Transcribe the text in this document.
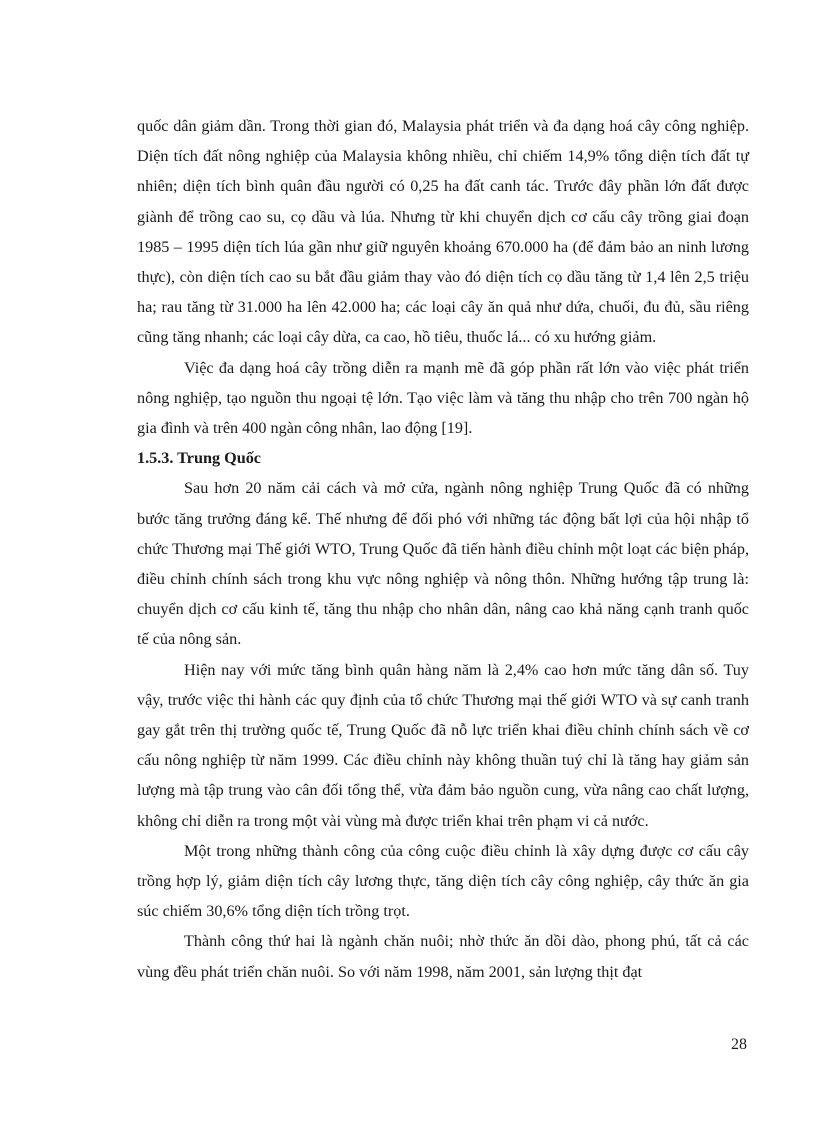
quốc dân giảm dần. Trong thời gian đó, Malaysia phát triển và đa dạng hoá cây công nghiệp. Diện tích đất nông nghiệp của Malaysia không nhiều, chỉ chiếm 14,9% tổng diện tích đất tự nhiên; diện tích bình quân đầu người có 0,25 ha đất canh tác. Trước đây phần lớn đất được giành để trồng cao su, cọ dầu và lúa. Nhưng từ khi chuyển dịch cơ cấu cây trồng giai đoạn 1985 – 1995 diện tích lúa gần như giữ nguyên khoảng 670.000 ha (để đảm bảo an ninh lương thực), còn diện tích cao su bắt đầu giảm thay vào đó diện tích cọ dầu tăng từ 1,4 lên 2,5 triệu ha; rau tăng từ 31.000 ha lên 42.000 ha; các loại cây ăn quả như dứa, chuối, đu đủ, sầu riêng cũng tăng nhanh; các loại cây dừa, ca cao, hồ tiêu, thuốc lá... có xu hướng giảm.

Việc đa dạng hoá cây trồng diễn ra mạnh mẽ đã góp phần rất lớn vào việc phát triển nông nghiệp, tạo nguồn thu ngoại tệ lớn. Tạo việc làm và tăng thu nhập cho trên 700 ngàn hộ gia đình và trên 400 ngàn công nhân, lao động [19].

1.5.3. Trung Quốc

Sau hơn 20 năm cải cách và mở cửa, ngành nông nghiệp Trung Quốc đã có những bước tăng trưởng đáng kể. Thế nhưng để đối phó với những tác động bất lợi của hội nhập tổ chức Thương mại Thế giới WTO, Trung Quốc đã tiến hành điều chỉnh một loạt các biện pháp, điều chỉnh chính sách trong khu vực nông nghiệp và nông thôn. Những hướng tập trung là: chuyển dịch cơ cấu kinh tế, tăng thu nhập cho nhân dân, nâng cao khả năng cạnh tranh quốc tế của nông sản.

Hiện nay với mức tăng bình quân hàng năm là 2,4% cao hơn mức tăng dân số. Tuy vậy, trước việc thi hành các quy định của tổ chức Thương mại thế giới WTO và sự canh tranh gay gắt trên thị trường quốc tế, Trung Quốc đã nỗ lực triển khai điều chỉnh chính sách về cơ cấu nông nghiệp từ năm 1999. Các điều chỉnh này không thuần tuý chỉ là tăng hay giảm sản lượng mà tập trung vào cân đối tổng thể, vừa đảm bảo nguồn cung, vừa nâng cao chất lượng, không chỉ diễn ra trong một vài vùng mà được triển khai trên phạm vi cả nước.

Một trong những thành công của công cuộc điều chỉnh là xây dựng được cơ cấu cây trồng hợp lý, giảm diện tích cây lương thực, tăng diện tích cây công nghiệp, cây thức ăn gia súc chiếm 30,6% tổng diện tích trồng trọt.

Thành công thứ hai là ngành chăn nuôi; nhờ thức ăn dồi dào, phong phú, tất cả các vùng đều phát triển chăn nuôi. So với năm 1998, năm 2001, sản lượng thịt đạt

28
